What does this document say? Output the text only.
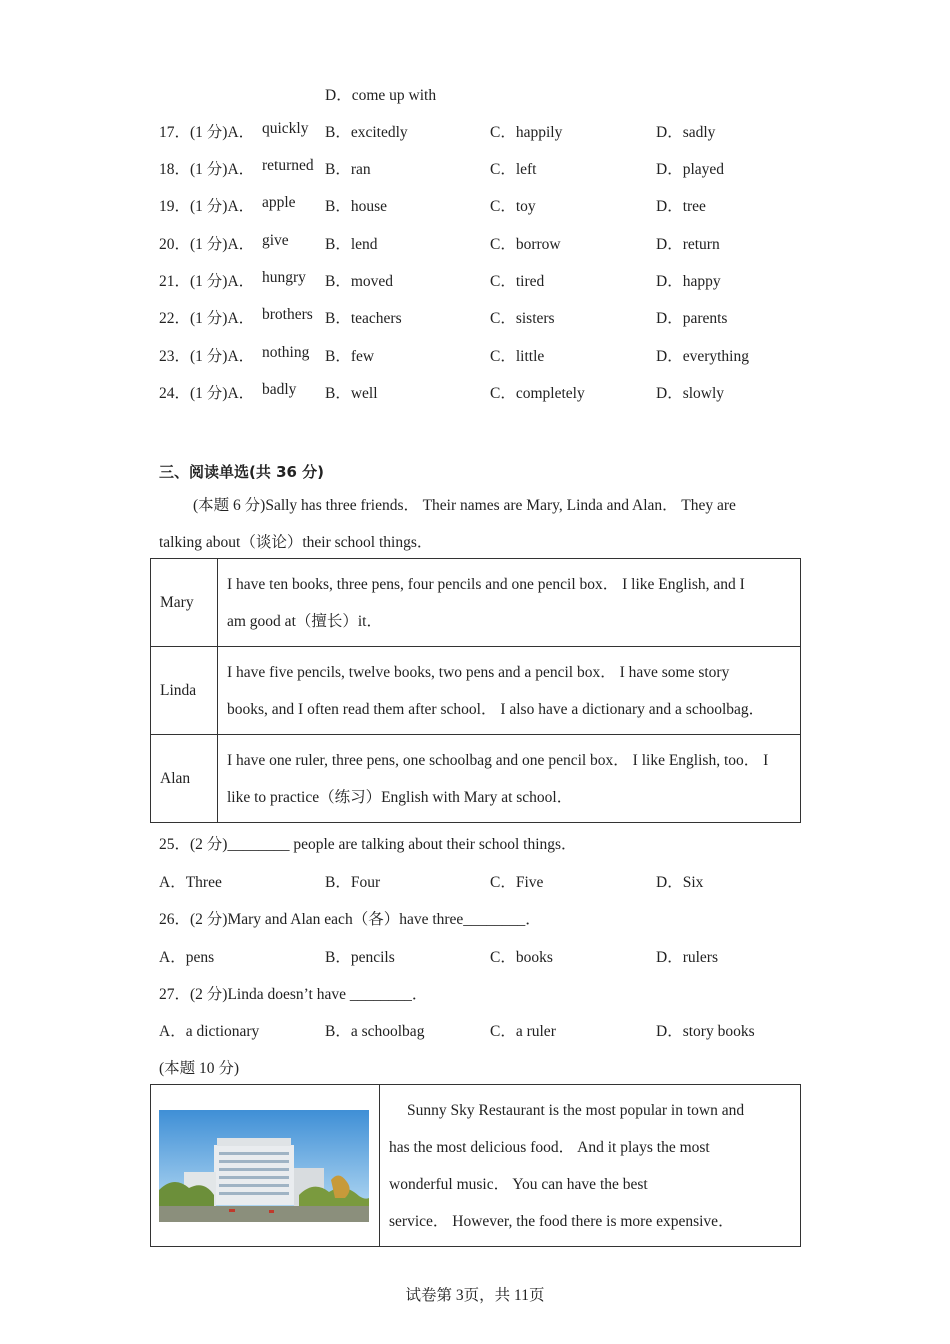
D．come up with
17．(1 分)A． quickly B．excitedly	C．happily	D．sadly
18．(1 分)A． returned B．ran	C．left	D．played
19．(1 分)A． apple B．house	C．toy	D．tree
20．(1 分)A． give B．lend	C．borrow	D．return
21．(1 分)A． hungry B．moved	C．tired	D．happy
22．(1 分)A． brothers B．teachers	C．sisters	D．parents
23．(1 分)A． nothing B．few	C．little	D．everything
24．(1 分)A． badly B．well	C．completely	D．slowly
三、阅读单选(共 36 分)
(本题 6 分)Sally has three friends． Their names are Mary, Linda and Alan． They are
talking about（谈论）their school things．
Mary	I have ten books, three pens, four pencils and one pencil box． I like English, and I
am good at（擅长）it．

Linda	I have five pencils, twelve books, two pens and a pencil box． I have some story
books, and I often read them after school． I also have a dictionary and a schoolbag．

Alan	I have one ruler, three pens, one schoolbag and one pencil box． I like English, too． I
like to practice（练习）English with Mary at school．
25．(2 分)________ people are talking about their school things．
A．Three	B．Four	C．Five	D．Six
26．(2 分)Mary and Alan each（各）have three________．
A．pens	B．pencils	C．books	D．rulers
27．(2 分)Linda doesn’t have ________．
A．a dictionary	B．a schoolbag	C．a ruler	D．story books
(本题 10 分)

Sunny Sky Restaurant is the most popular in town and
has the most delicious food． And it plays the most
wonderful music． You can have the best
service． However, the food there is more expensive．
试卷第 3页，共 11页
